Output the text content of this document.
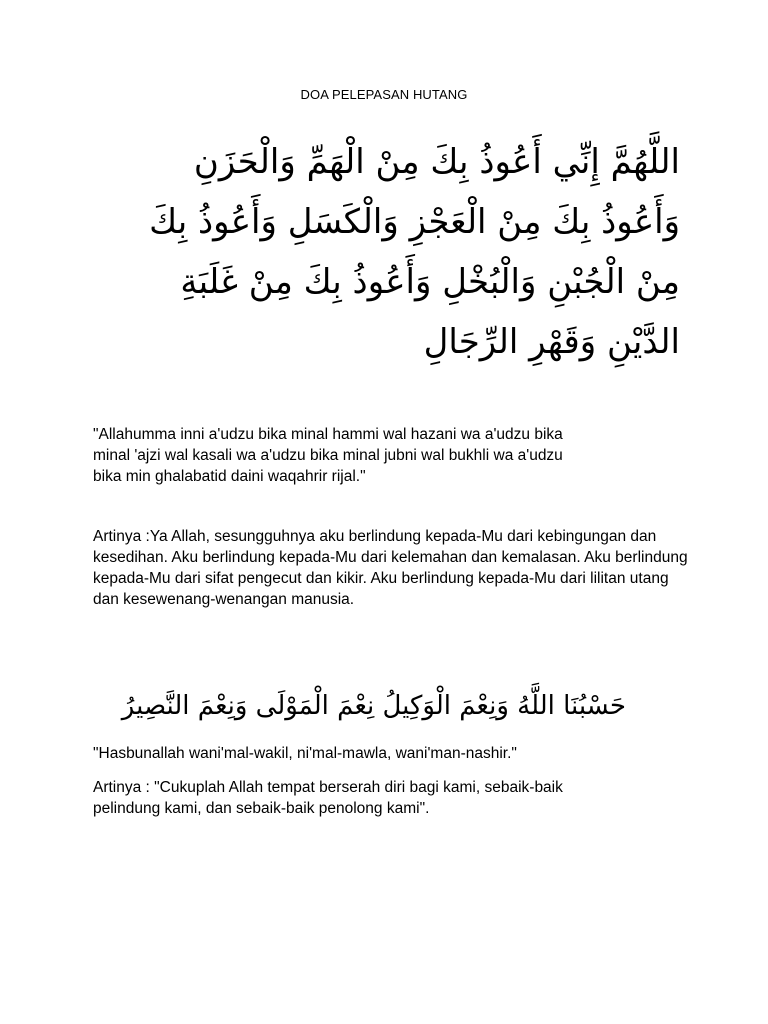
DOA PELEPASAN HUTANG
اللَّهُمَّ إِنِّي أَعُوذُ بِكَ مِنْ الْهَمِّ وَالْحَزَنِ
وَأَعُوذُ بِكَ مِنْ الْعَجْزِ وَالْكَسَلِ وَأَعُوذُ بِكَ
مِنْ الْجُبْنِ وَالْبُخْلِ وَأَعُوذُ بِكَ مِنْ غَلَبَةِ
الدَّيْنِ وَقَهْرِ الرِّجَالِ
"Allahumma inni a'udzu bika minal hammi wal hazani wa a'udzu bika
minal 'ajzi wal kasali wa a'udzu bika minal jubni wal bukhli wa a'udzu
bika min ghalabatid daini waqahrir rijal."
Artinya :Ya Allah, sesungguhnya aku berlindung kepada-Mu dari kebingungan dan kesedihan. Aku berlindung kepada-Mu dari kelemahan dan kemalasan. Aku berlindung kepada-Mu dari sifat pengecut dan kikir. Aku berlindung kepada-Mu dari lilitan utang dan kesewenang-wenangan manusia.
حَسْبُنَا اللَّهُ وَنِعْمَ الْوَكِيلُ نِعْمَ الْمَوْلَى وَنِعْمَ النَّصِيرُ
"Hasbunallah wani'mal-wakil, ni'mal-mawla, wani'man-nashir."
Artinya : "Cukuplah Allah tempat berserah diri bagi kami, sebaik-baik
pelindung kami, dan sebaik-baik penolong kami".
